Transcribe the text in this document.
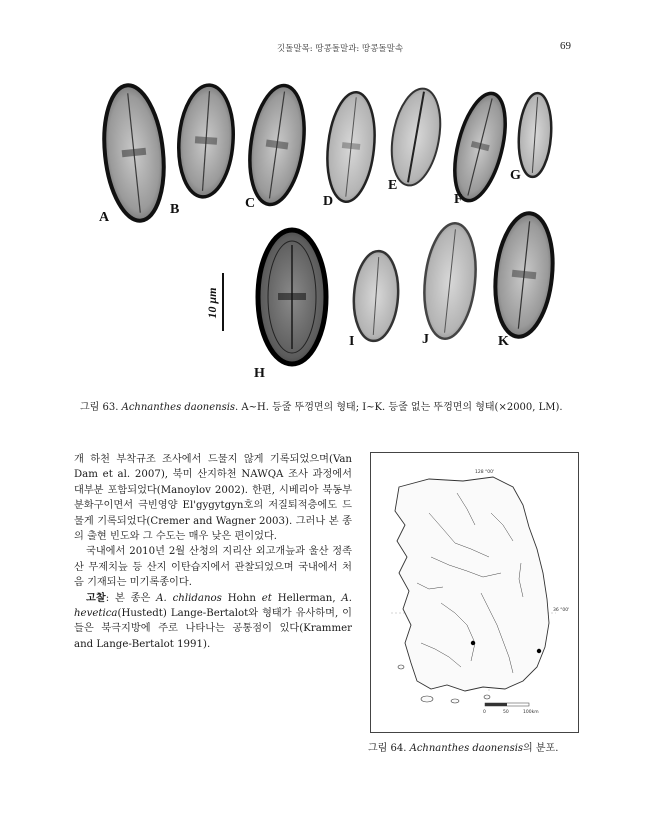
깃돌말목: 땅콩돌말과: 땅콩돌말속	69
10 μm
A
B	C	D
E
F
G
H
I	J	K
그림 63. Achnanthes daonensis. A~H. 등줄 뚜껑면의 형태; I~K. 등줄 없는 뚜껑면의 형태(×2000, LM).

개 하천 부착규조 조사에서 드물지 않게 기록되었으며(Van Dam et al. 2007), 북미 산지하천 NAWQA 조사 과정에서 대부분 포함되었다(Manoylov 2002). 한편, 시베리아 북동부 분화구이면서 극빈영양 El'gygytgyn호의 저질퇴적층에도 드물게 기록되었다(Cremer and Wagner 2003). 그러나 본 종의 출현 빈도와 그 수도는 매우 낮은 편이었다.

국내에서 2010년 2월 산청의 지리산 외고개늪과 울산 정족산 무제치늪 등 산지 이탄습지에서 관찰되었으며 국내에서 처음 기재되는 미기록종이다.

고찰: 본 종은 A. chlidanos Hohn et Hellerman, A. hevetica(Hustedt) Lange-Bertalot와 형태가 유사하며, 이들은 북극지방에 주로 나타나는 공통점이 있다(Krammer and Lange-Bertalot 1991).

128 °00'
36 °00'
0	50	100km
그림 64. Achnanthes daonensis의 분포.
